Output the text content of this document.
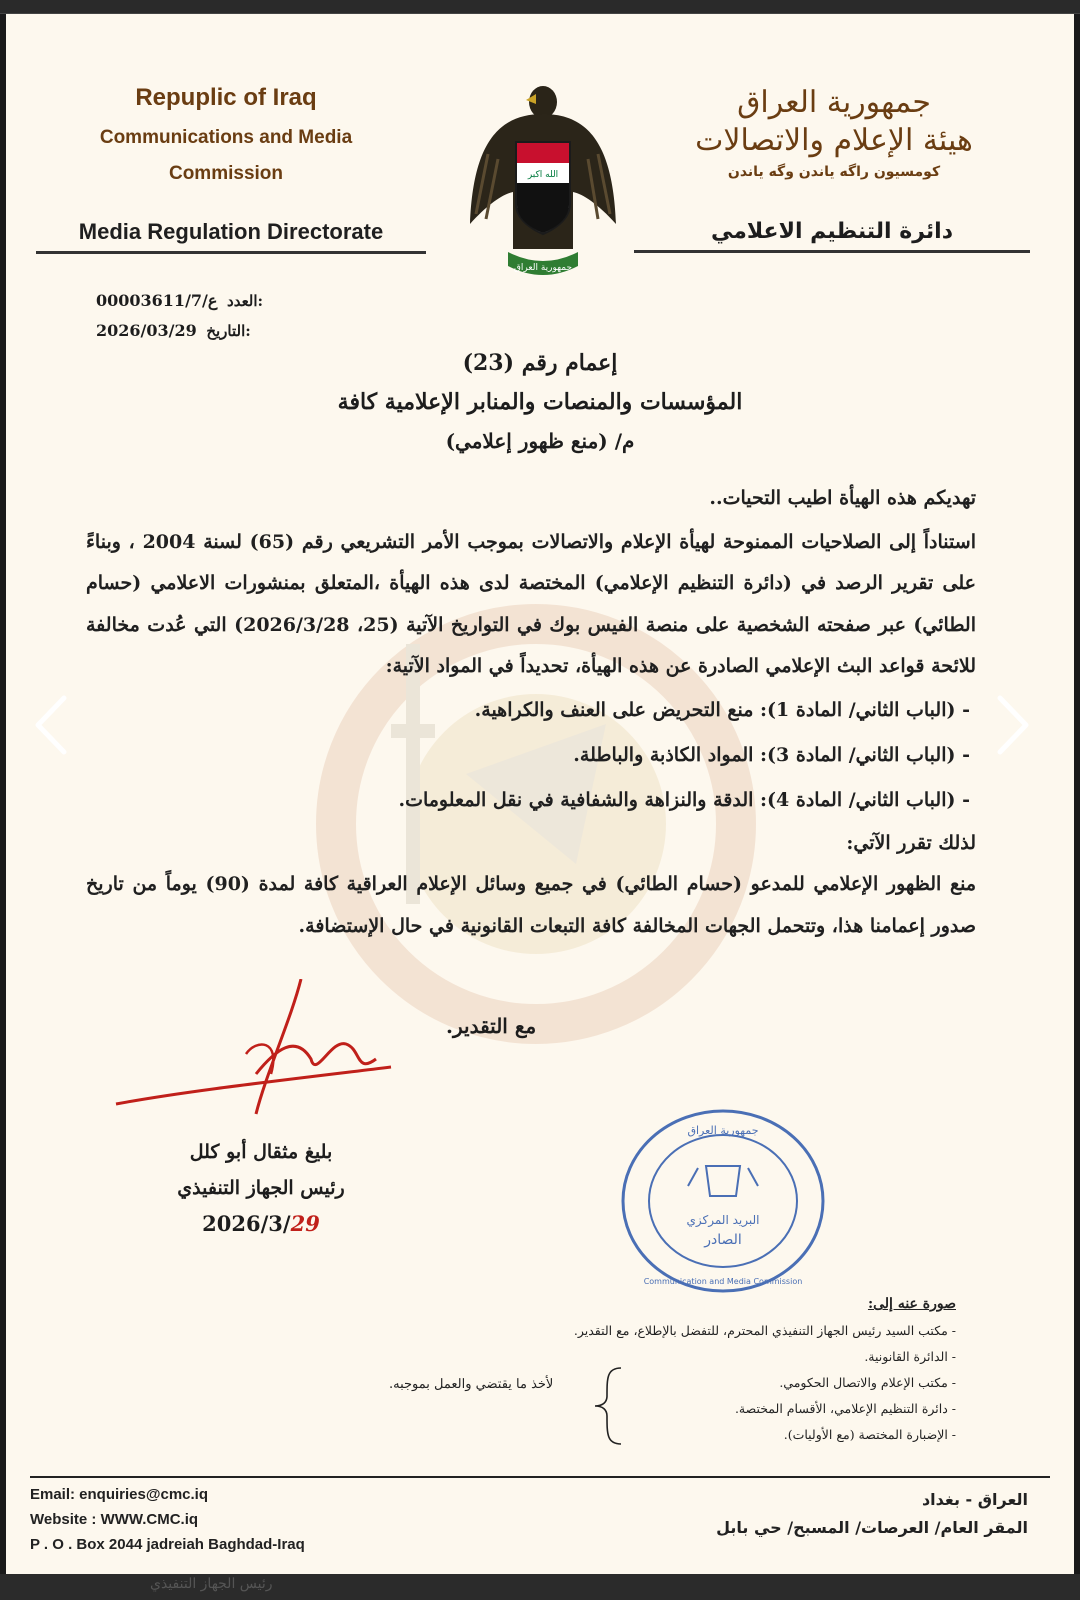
Repuplic of Iraq
Communications and Media
Commission
Media Regulation Directorate
الله اكبر
جمهورية العراق
جمهورية العراق
هيئة الإعلام والاتصالات
كومسيون راگه ياندن وگه ياندن
دائرة التنظيم الاعلامي
00003611/ع/7 العدد:
2026/03/29 التاريخ:
إعمام رقم (23)
المؤسسات والمنصات والمنابر الإعلامية كافة
م/ (منع ظهور إعلامي)

تهديكم هذه الهيأة اطيب التحيات..

استناداً إلى الصلاحيات الممنوحة لهيأة الإعلام والاتصالات بموجب الأمر التشريعي رقم (65) لسنة 2004 ، وبناءً على تقرير الرصد في (دائرة التنظيم الإعلامي) المختصة لدى هذه الهيأة ،المتعلق بمنشورات الاعلامي (حسام الطائي) عبر صفحته الشخصية على منصة الفيس بوك في التواريخ الآتية (25، 2026/3/28) التي عُدت مخالفة للائحة قواعد البث الإعلامي الصادرة عن هذه الهيأة، تحديداً في المواد الآتية:

- (الباب الثاني/ المادة 1): منع التحريض على العنف والكراهية.
- (الباب الثاني/ المادة 3): المواد الكاذبة والباطلة.
- (الباب الثاني/ المادة 4): الدقة والنزاهة والشفافية في نقل المعلومات.

لذلك تقرر الآتي:

منع الظهور الإعلامي للمدعو (حسام الطائي) في جميع وسائل الإعلام العراقية كافة لمدة (90) يوماً من تاريخ صدور إعمامنا هذا، وتتحمل الجهات المخالفة كافة التبعات القانونية في حال الإستضافة.

مع التقدير.
بليغ مثقال أبو كلل
رئيس الجهاز التنفيذي
2026/3/29
جمهورية العراق
البريد المركزي
الصادر
Communication and Media Commission
صورة عنه إلى:
- مكتب السيد رئيس الجهاز التنفيذي المحترم، للتفضل بالإطلاع، مع التقدير.
- الدائرة القانونية.
- مكتب الإعلام والاتصال الحكومي.
- دائرة التنظيم الإعلامي، الأقسام المختصة.
- الإضبارة المختصة (مع الأوليات).
لأخذ ما يقتضي والعمل بموجبه.
Email: enquiries@cmc.iq
Website : WWW.CMC.iq
P . O . Box 2044 jadreiah Baghdad-Iraq
العراق - بغداد
المقر العام/ العرصات/ المسبح/ حي بابل
رئيس الجهاز التنفيذي
